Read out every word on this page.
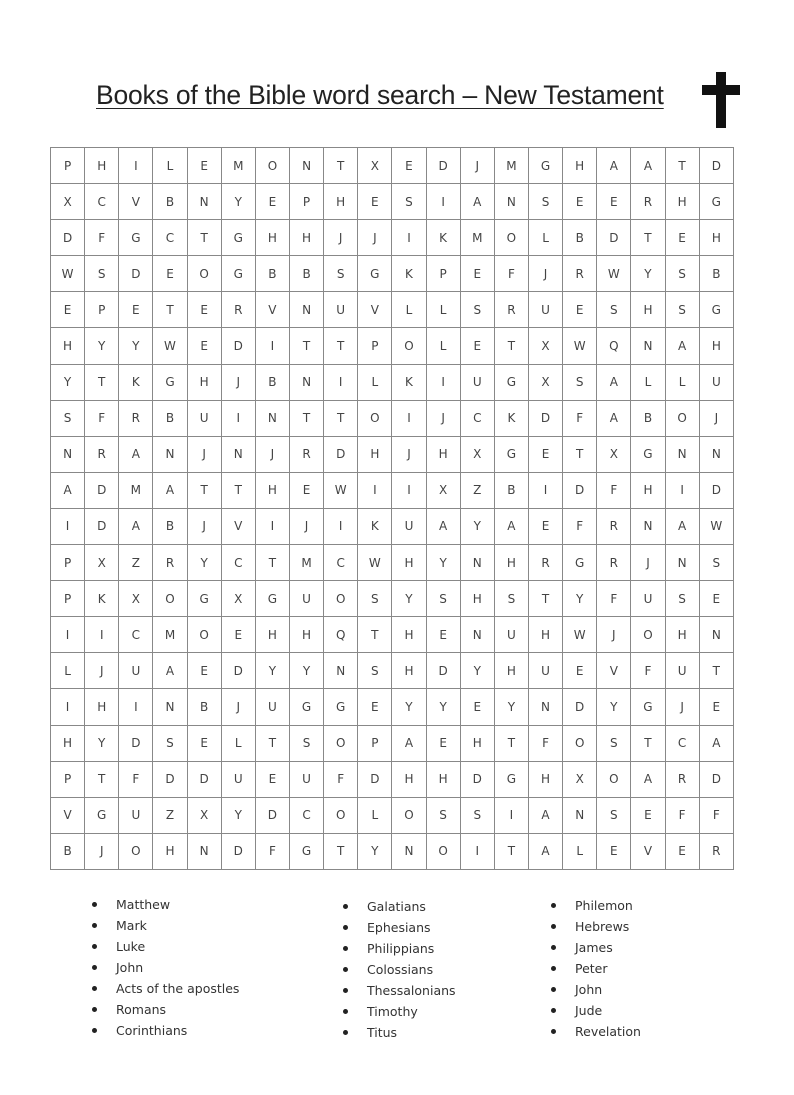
Books of the Bible word search – New Testament
P	H	I	L	E	M	O	N	T	X	E	D	J	M	G	H	A	A	T	D
X	C	V	B	N	Y	E	P	H	E	S	I	A	N	S	E	E	R	H	G
D	F	G	C	T	G	H	H	J	J	I	K	M	O	L	B	D	T	E	H
W	S	D	E	O	G	B	B	S	G	K	P	E	F	J	R	W	Y	S	B
E	P	E	T	E	R	V	N	U	V	L	L	S	R	U	E	S	H	S	G
H	Y	Y	W	E	D	I	T	T	P	O	L	E	T	X	W	Q	N	A	H
Y	T	K	G	H	J	B	N	I	L	K	I	U	G	X	S	A	L	L	U
S	F	R	B	U	I	N	T	T	O	I	J	C	K	D	F	A	B	O	J
N	R	A	N	J	N	J	R	D	H	J	H	X	G	E	T	X	G	N	N
A	D	M	A	T	T	H	E	W	I	I	X	Z	B	I	D	F	H	I	D
I	D	A	B	J	V	I	J	I	K	U	A	Y	A	E	F	R	N	A	W
P	X	Z	R	Y	C	T	M	C	W	H	Y	N	H	R	G	R	J	N	S
P	K	X	O	G	X	G	U	O	S	Y	S	H	S	T	Y	F	U	S	E
I	I	C	M	O	E	H	H	Q	T	H	E	N	U	H	W	J	O	H	N
L	J	U	A	E	D	Y	Y	N	S	H	D	Y	H	U	E	V	F	U	T
I	H	I	N	B	J	U	G	G	E	Y	Y	E	Y	N	D	Y	G	J	E
H	Y	D	S	E	L	T	S	O	P	A	E	H	T	F	O	S	T	C	A
P	T	F	D	D	U	E	U	F	D	H	H	D	G	H	X	O	A	R	D
V	G	U	Z	X	Y	D	C	O	L	O	S	S	I	A	N	S	E	F	F
B	J	O	H	N	D	F	G	T	Y	N	O	I	T	A	L	E	V	E	R
Matthew
Mark
Luke
John
Acts of the apostles
Romans
Corinthians
Galatians
Ephesians
Philippians
Colossians
Thessalonians
Timothy
Titus
Philemon
Hebrews
James
Peter
John
Jude
Revelation
